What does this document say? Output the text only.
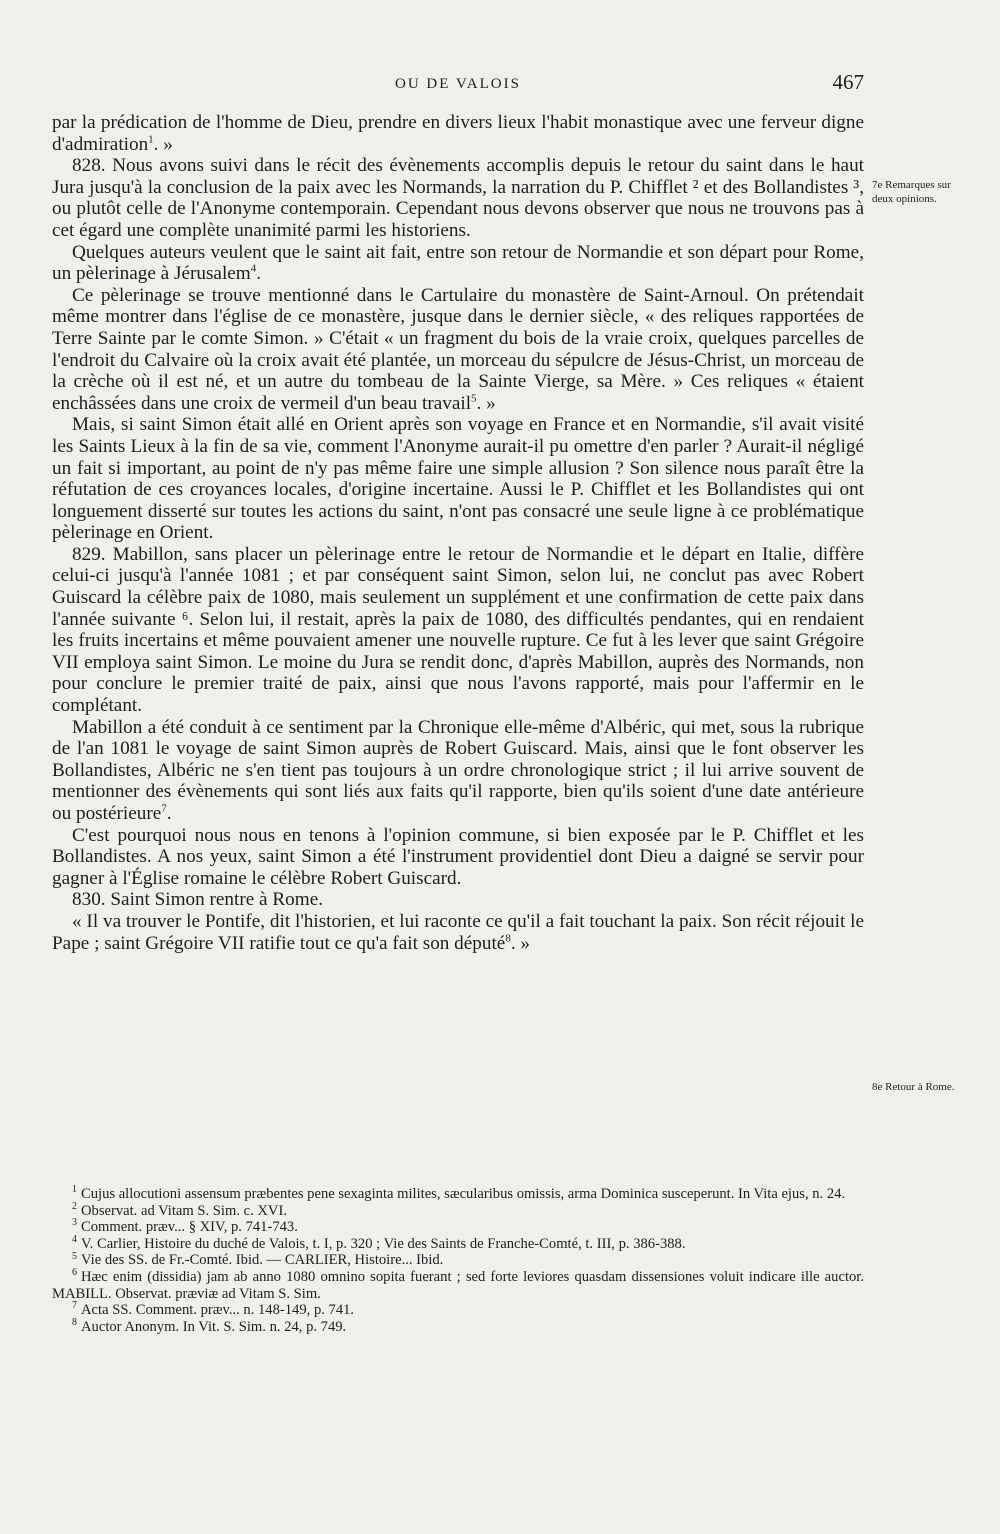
OU DE VALOIS	467

par la prédication de l'homme de Dieu, prendre en divers lieux l'habit monastique avec une ferveur digne d'admiration$^1$. »

828. Nous avons suivi dans le récit des évènements accomplis depuis le retour du saint dans le haut Jura jusqu'à la conclusion de la paix avec les Normands, la narration du P. Chifflet ² et des Bollandistes ³, ou plutôt celle de l'Anonyme contemporain. Cependant nous devons observer que nous ne trouvons pas à cet égard une complète unanimité parmi les historiens.

Quelques auteurs veulent que le saint ait fait, entre son retour de Normandie et son départ pour Rome, un pèlerinage à Jérusalem$^4$.

Ce pèlerinage se trouve mentionné dans le Cartulaire du monastère de Saint-Arnoul. On prétendait même montrer dans l'église de ce monastère, jusque dans le dernier siècle, « des reliques rapportées de Terre Sainte par le comte Simon. » C'était « un fragment du bois de la vraie croix, quelques parcelles de l'endroit du Calvaire où la croix avait été plantée, un morceau du sépulcre de Jésus-Christ, un morceau de la crèche où il est né, et un autre du tombeau de la Sainte Vierge, sa Mère. » Ces reliques « étaient enchâssées dans une croix de vermeil d'un beau travail$^5$. »

Mais, si saint Simon était allé en Orient après son voyage en France et en Normandie, s'il avait visité les Saints Lieux à la fin de sa vie, comment l'Anonyme aurait-il pu omettre d'en parler ? Aurait-il négligé un fait si important, au point de n'y pas même faire une simple allusion ? Son silence nous paraît être la réfutation de ces croyances locales, d'origine incertaine. Aussi le P. Chifflet et les Bollandistes qui ont longuement disserté sur toutes les actions du saint, n'ont pas consacré une seule ligne à ce problématique pèlerinage en Orient.

829. Mabillon, sans placer un pèlerinage entre le retour de Normandie et le départ en Italie, diffère celui-ci jusqu'à l'année 1081 ; et par conséquent saint Simon, selon lui, ne conclut pas avec Robert Guiscard la célèbre paix de 1080, mais seulement un supplément et une confirmation de cette paix dans l'année suivante ⁶. Selon lui, il restait, après la paix de 1080, des difficultés pendantes, qui en rendaient les fruits incertains et même pouvaient amener une nouvelle rupture. Ce fut à les lever que saint Grégoire VII employa saint Simon. Le moine du Jura se rendit donc, d'après Mabillon, auprès des Normands, non pour conclure le premier traité de paix, ainsi que nous l'avons rapporté, mais pour l'affermir en le complétant.

Mabillon a été conduit à ce sentiment par la Chronique elle-même d'Albéric, qui met, sous la rubrique de l'an 1081 le voyage de saint Simon auprès de Robert Guiscard. Mais, ainsi que le font observer les Bollandistes, Albéric ne s'en tient pas toujours à un ordre chronologique strict ; il lui arrive souvent de mentionner des évènements qui sont liés aux faits qu'il rapporte, bien qu'ils soient d'une date antérieure ou postérieure$^7$.

C'est pourquoi nous nous en tenons à l'opinion commune, si bien exposée par le P. Chifflet et les Bollandistes. A nos yeux, saint Simon a été l'instrument providentiel dont Dieu a daigné se servir pour gagner à l'Église romaine le célèbre Robert Guiscard.

830. Saint Simon rentre à Rome.

« Il va trouver le Pontife, dit l'historien, et lui raconte ce qu'il a fait touchant la paix. Son récit réjouit le Pape ; saint Grégoire VII ratifie tout ce qu'a fait son député$^8$. »

7e Remarques sur deux opinions.
8e Retour à Rome.

$^1$ Cujus allocutioni assensum præbentes pene sexaginta milites, sæcularibus omissis, arma Dominica susceperunt. In Vita ejus, n. 24.

$^2$ Observat. ad Vitam S. Sim. c. XVI.

$^3$ Comment. præv... § XIV, p. 741-743.

$^4$ V. Carlier, Histoire du duché de Valois, t. I, p. 320 ; Vie des Saints de Franche-Comté, t. III, p. 386-388.

$^5$ Vie des SS. de Fr.-Comté. Ibid. — CARLIER, Histoire... Ibid.

$^6$ Hæc enim (dissidia) jam ab anno 1080 omnino sopita fuerant ; sed forte leviores quasdam dissensiones voluit indicare ille auctor. MABILL. Observat. præviæ ad Vitam S. Sim.

$^7$ Acta SS. Comment. præv... n. 148-149, p. 741.

$^8$ Auctor Anonym. In Vit. S. Sim. n. 24, p. 749.
